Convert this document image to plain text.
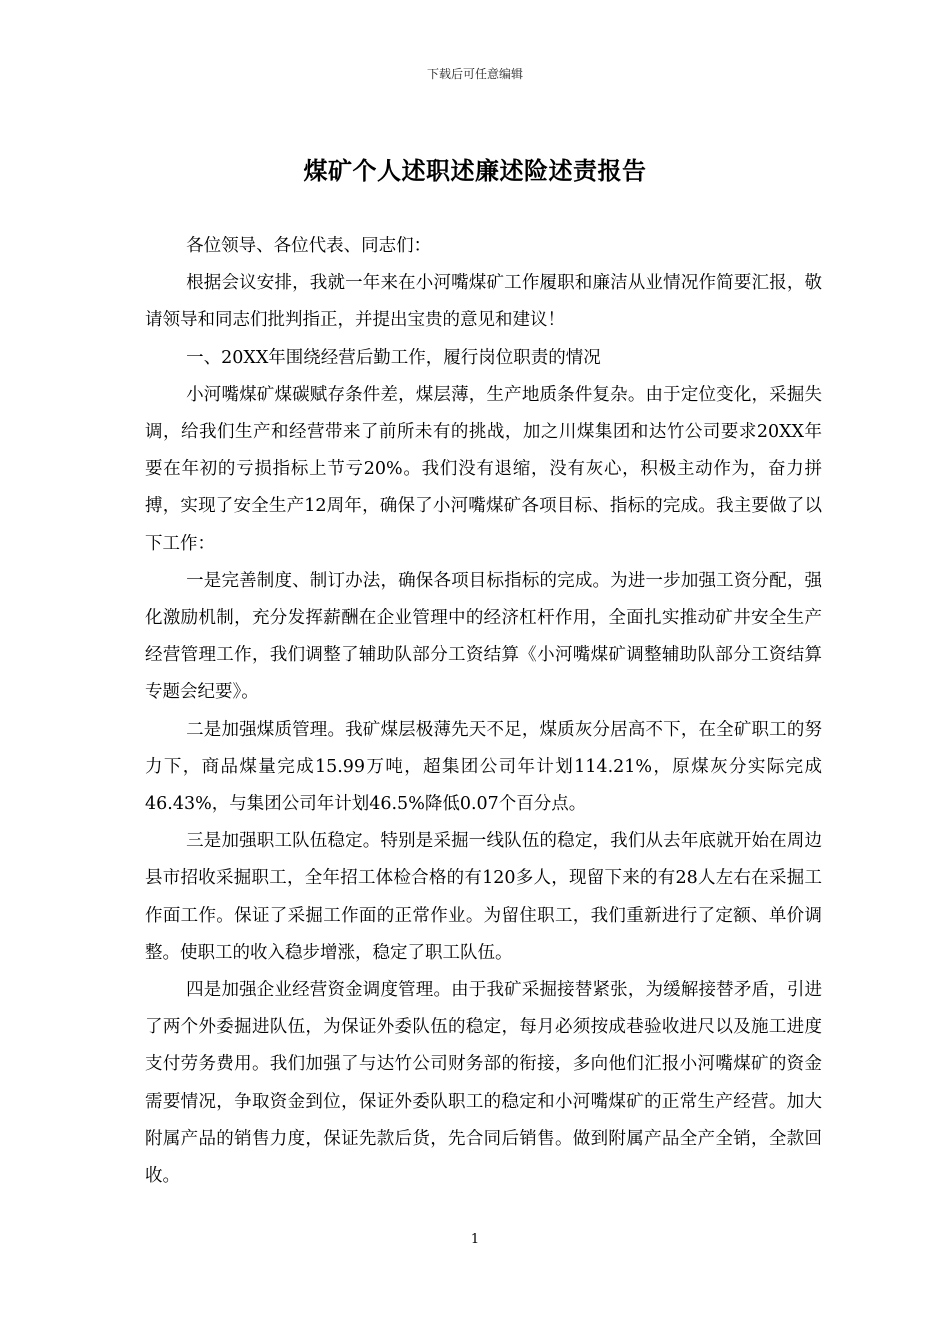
下载后可任意编辑
煤矿个人述职述廉述险述责报告

各位领导、各位代表、同志们：

根据会议安排，我就一年来在小河嘴煤矿工作履职和廉洁从业情况作简要汇报，敬请领导和同志们批判指正，并提出宝贵的意见和建议！

一、20XX年围绕经营后勤工作，履行岗位职责的情况

小河嘴煤矿煤碳赋存条件差，煤层薄，生产地质条件复杂。由于定位变化，采掘失调，给我们生产和经营带来了前所未有的挑战，加之川煤集团和达竹公司要求20XX年要在年初的亏损指标上节亏20%。我们没有退缩，没有灰心，积极主动作为，奋力拼搏，实现了安全生产12周年，确保了小河嘴煤矿各项目标、指标的完成。我主要做了以下工作：

一是完善制度、制订办法，确保各项目标指标的完成。为进一步加强工资分配，强化激励机制，充分发挥薪酬在企业管理中的经济杠杆作用，全面扎实推动矿井安全生产经营管理工作，我们调整了辅助队部分工资结算《小河嘴煤矿调整辅助队部分工资结算专题会纪要》。

二是加强煤质管理。我矿煤层极薄先天不足，煤质灰分居高不下，在全矿职工的努力下，商品煤量完成15.99万吨，超集团公司年计划114.21%，原煤灰分实际完成46.43%，与集团公司年计划46.5%降低0.07个百分点。

三是加强职工队伍稳定。特别是采掘一线队伍的稳定，我们从去年底就开始在周边县市招收采掘职工，全年招工体检合格的有120多人，现留下来的有28人左右在采掘工作面工作。保证了采掘工作面的正常作业。为留住职工，我们重新进行了定额、单价调整。使职工的收入稳步增涨，稳定了职工队伍。

四是加强企业经营资金调度管理。由于我矿采掘接替紧张，为缓解接替矛盾，引进了两个外委掘进队伍，为保证外委队伍的稳定，每月必须按成巷验收进尺以及施工进度支付劳务费用。我们加强了与达竹公司财务部的衔接，多向他们汇报小河嘴煤矿的资金需要情况，争取资金到位，保证外委队职工的稳定和小河嘴煤矿的正常生产经营。加大附属产品的销售力度，保证先款后货，先合同后销售。做到附属产品全产全销，全款回收。

1
